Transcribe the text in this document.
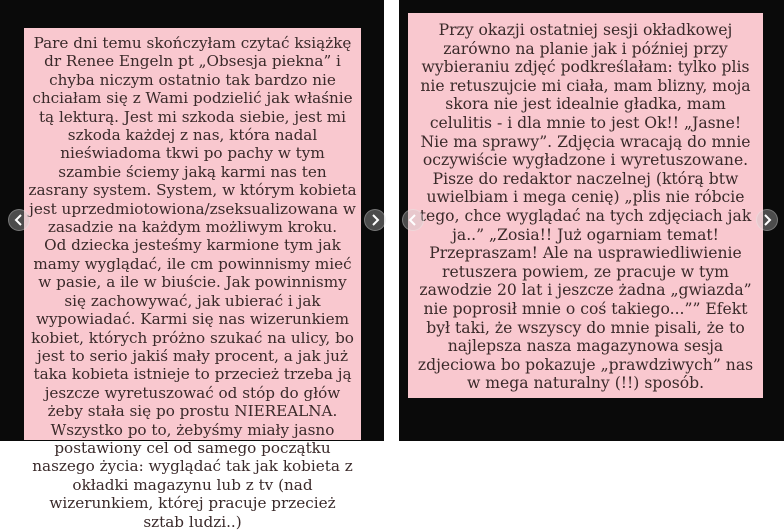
Pare dni temu skończyłam czytać książkę dr Renee Engeln pt „Obsesja piekna” i chyba niczym ostatnio tak bardzo nie chciałam się z Wami podzielić jak właśnie tą lekturą. Jest mi szkoda siebie, jest mi szkoda każdej z nas, która nadal nieświadoma tkwi po pachy w tym szambie ściemy jaką karmi nas ten zasrany system. System, w którym kobieta jest uprzedmiotowiona/zseksualizowana w zasadzie na każdym możliwym kroku.

Od dziecka jesteśmy karmione tym jak mamy wyglądać, ile cm powinnismy mieć w pasie, a ile w biuście. Jak powinnismy się zachowywać, jak ubierać i jak wypowiadać. Karmi się nas wizerunkiem kobiet, których próżno szukać na ulicy, bo jest to serio jakiś mały procent, a jak już taka kobieta istnieje to przecież trzeba ją jeszcze wyretuszować od stóp do głów żeby stała się po prostu NIEREALNA. Wszystko po to, żebyśmy miały jasno postawiony cel od samego początku naszego życia: wyglądać tak jak kobieta z okładki magazynu lub z tv (nad wizerunkiem, której pracuje przecież sztab ludzi..)

Przy okazji ostatniej sesji okładkowej zarówno na planie jak i później przy wybieraniu zdjęć podkreślałam: tylko plis nie retuszujcie mi ciała, mam blizny, moja skora nie jest idealnie gładka, mam celulitis - i dla mnie to jest Ok!! „Jasne! Nie ma sprawy”. Zdjęcia wracają do mnie oczywiście wygładzone i wyretuszowane. Pisze do redaktor naczelnej (którą btw uwielbiam i mega cenię) „plis nie róbcie tego, chce wyglądać na tych zdjęciach jak ja..” „Zosia!! Już ogarniam temat! Przepraszam! Ale na usprawiedliwienie retuszera powiem, ze pracuje w tym zawodzie 20 lat i jeszcze żadna „gwiazda” nie poprosił mnie o coś takiego...”” Efekt był taki, że wszyscy do mnie pisali, że to najlepsza nasza magazynowa sesja zdjeciowa bo pokazuje „prawdziwych” nas w mega naturalny (!!) sposób.
